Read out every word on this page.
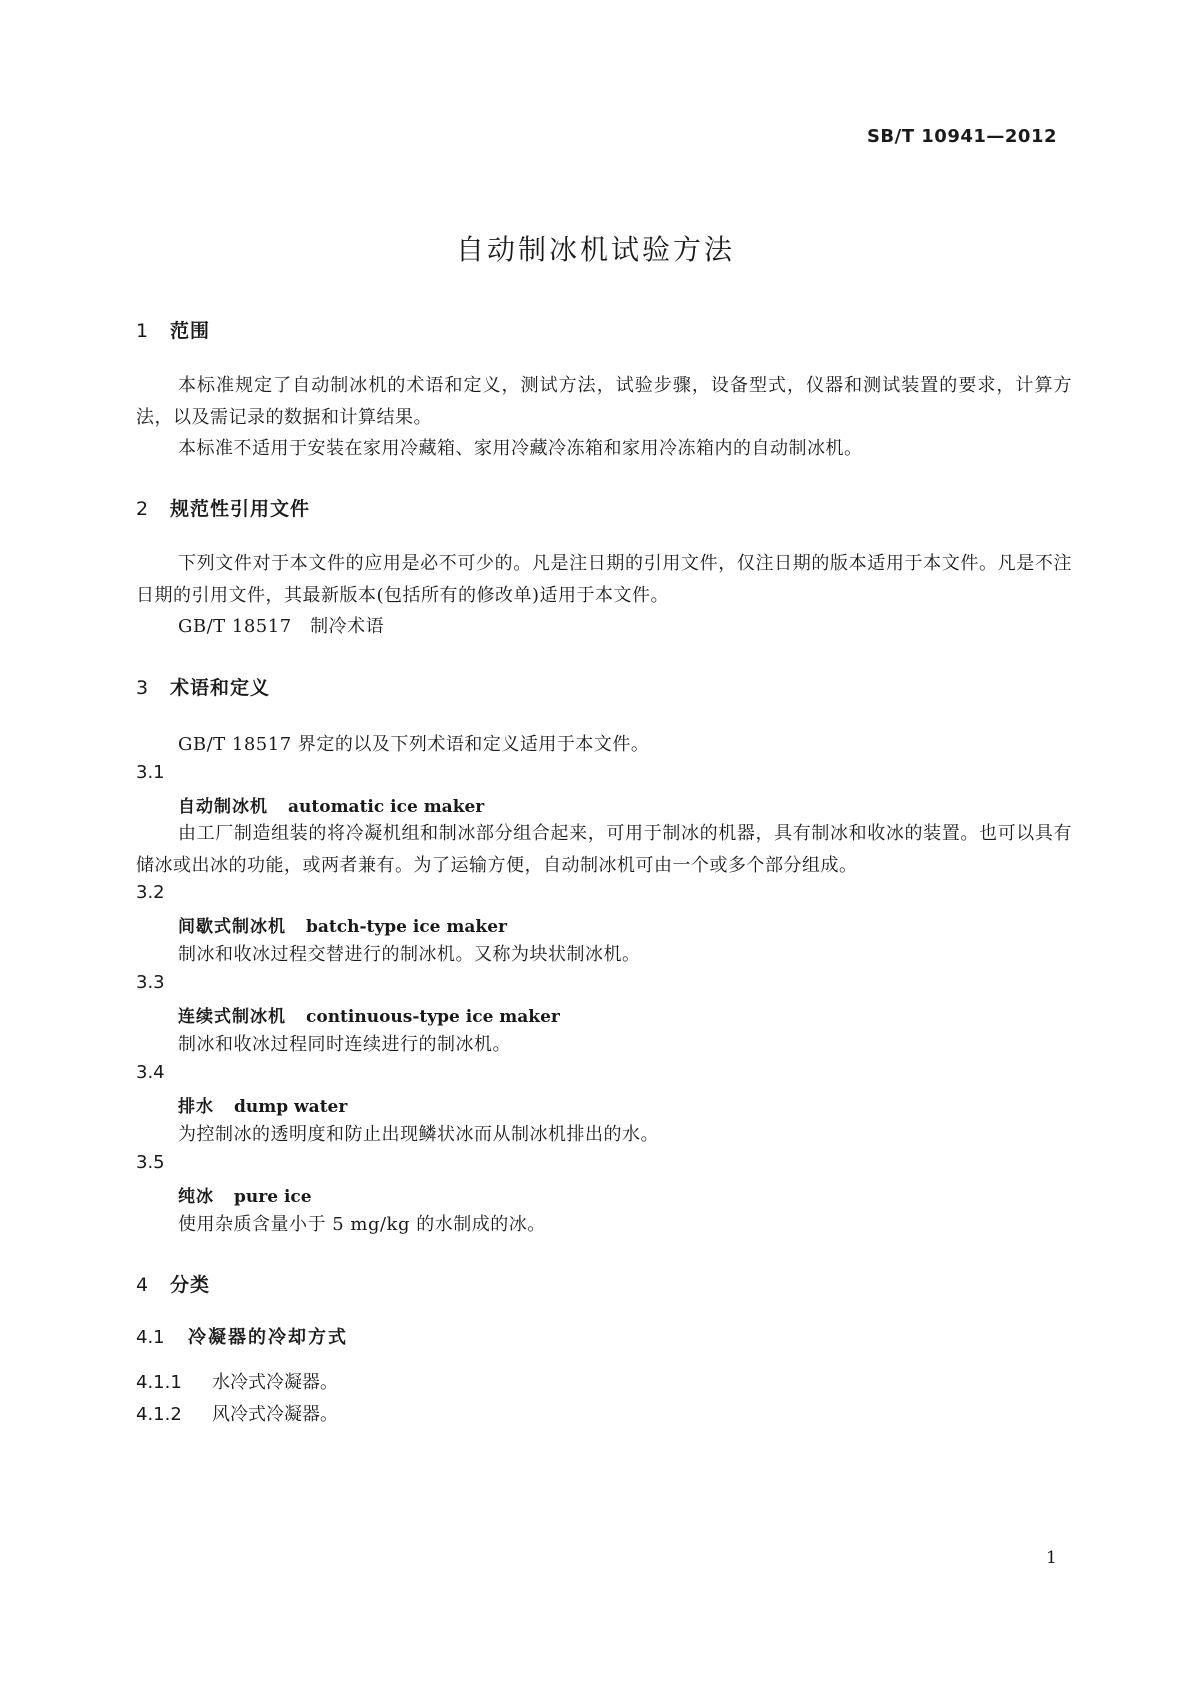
SB/T 10941—2012
自动制冰机试验方法
1 范围
本标准规定了自动制冰机的术语和定义，测试方法，试验步骤，设备型式，仪器和测试装置的要求，计算方法，以及需记录的数据和计算结果。
本标准不适用于安装在家用冷藏箱、家用冷藏冷冻箱和家用冷冻箱内的自动制冰机。
2 规范性引用文件
下列文件对于本文件的应用是必不可少的。凡是注日期的引用文件，仅注日期的版本适用于本文件。凡是不注日期的引用文件，其最新版本(包括所有的修改单)适用于本文件。
GB/T 18517　制冷术语
3 术语和定义
GB/T 18517 界定的以及下列术语和定义适用于本文件。
3.1
自动制冰机 automatic ice maker
由工厂制造组装的将冷凝机组和制冰部分组合起来，可用于制冰的机器，具有制冰和收冰的装置。也可以具有储冰或出冰的功能，或两者兼有。为了运输方便，自动制冰机可由一个或多个部分组成。
3.2
间歇式制冰机 batch-type ice maker
制冰和收冰过程交替进行的制冰机。又称为块状制冰机。
3.3
连续式制冰机 continuous-type ice maker
制冰和收冰过程同时连续进行的制冰机。
3.4
排水 dump water
为控制冰的透明度和防止出现鳞状冰而从制冰机排出的水。
3.5
纯冰 pure ice
使用杂质含量小于 5 mg/kg 的水制成的冰。
4 分类
4.1 冷凝器的冷却方式
4.1.1 水冷式冷凝器。
4.1.2 风冷式冷凝器。
1
